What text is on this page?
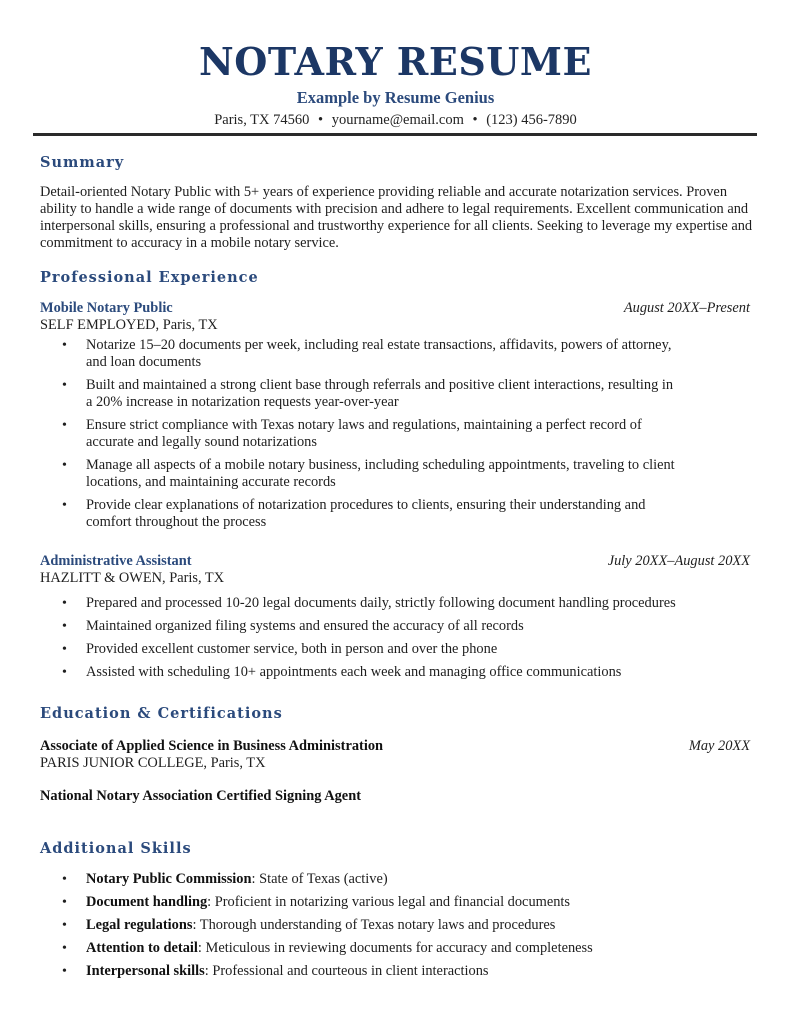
NOTARY RESUME
Example by Resume Genius
Paris, TX 74560 • yourname@email.com • (123) 456-7890
Summary
Detail-oriented Notary Public with 5+ years of experience providing reliable and accurate notarization services. Proven ability to handle a wide range of documents with precision and adhere to legal requirements. Excellent communication and interpersonal skills, ensuring a professional and trustworthy experience for all clients. Seeking to leverage my expertise and commitment to accuracy in a mobile notary service.
Professional Experience
Mobile Notary Public	August 20XX–Present
SELF EMPLOYED, Paris, TX
• Notarize 15–20 documents per week, including real estate transactions, affidavits, powers of attorney, and loan documents
• Built and maintained a strong client base through referrals and positive client interactions, resulting in a 20% increase in notarization requests year-over-year
• Ensure strict compliance with Texas notary laws and regulations, maintaining a perfect record of accurate and legally sound notarizations
• Manage all aspects of a mobile notary business, including scheduling appointments, traveling to client locations, and maintaining accurate records
• Provide clear explanations of notarization procedures to clients, ensuring their understanding and comfort throughout the process
Administrative Assistant	July 20XX–August 20XX
HAZLITT & OWEN, Paris, TX
• Prepared and processed 10-20 legal documents daily, strictly following document handling procedures
• Maintained organized filing systems and ensured the accuracy of all records
• Provided excellent customer service, both in person and over the phone
• Assisted with scheduling 10+ appointments each week and managing office communications
Education & Certifications
Associate of Applied Science in Business Administration	May 20XX
PARIS JUNIOR COLLEGE, Paris, TX
National Notary Association Certified Signing Agent
Additional Skills
• Notary Public Commission: State of Texas (active)
• Document handling: Proficient in notarizing various legal and financial documents
• Legal regulations: Thorough understanding of Texas notary laws and procedures
• Attention to detail: Meticulous in reviewing documents for accuracy and completeness
• Interpersonal skills: Professional and courteous in client interactions
